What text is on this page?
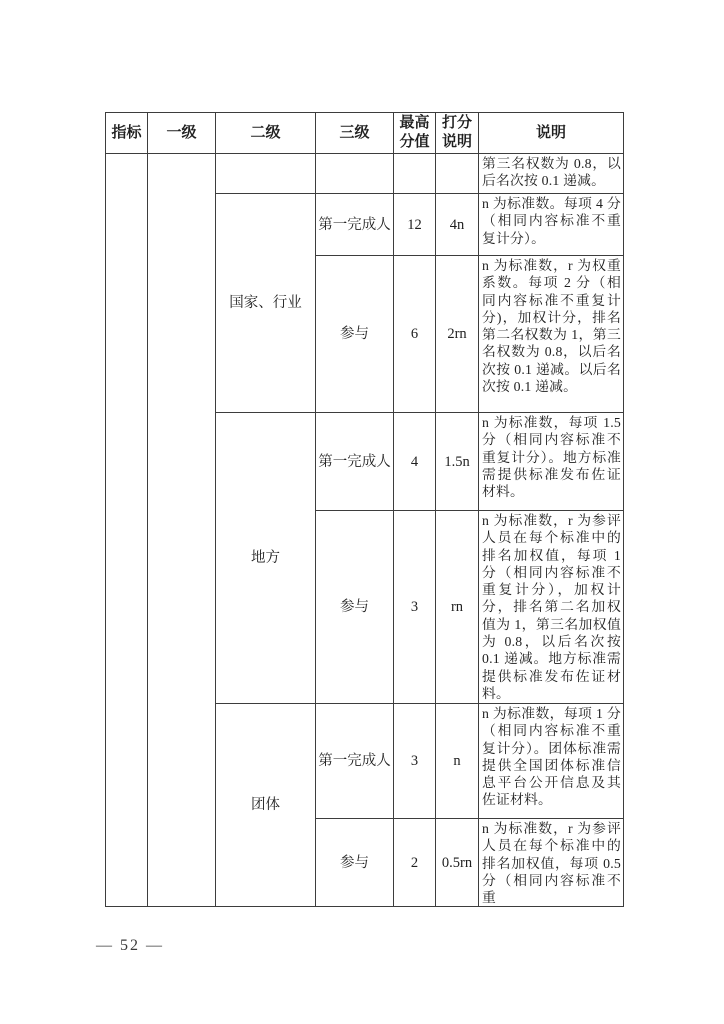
指标	一级	二级	三级	最高分值	打分说明	说明
						第三名权数为 0.8，以后名次按 0.1 递减。
		国家、行业	第一完成人	12	4n	n 为标准数。每项 4 分（相同内容标准不重复计分）。
			参与	6	2rn	n 为标准数，r 为权重系数。每项 2 分（相同内容标准不重复计分)，加权计分，排名第二名权数为 1，第三名权数为 0.8，以后名次按 0.1 递减。以后名次按 0.1 递减。
		地方	第一完成人	4	1.5n	n 为标准数，每项 1.5 分（相同内容标准不重复计分）。地方标准需提供标准发布佐证材料。
			参与	3	rn	n 为标准数，r 为参评人员在每个标准中的排名加权值，每项 1 分（相同内容标准不重复计分），加权计分，排名第二名加权值为 1，第三名加权值为 0.8，以后名次按 0.1 递减。地方标准需提供标准发布佐证材料。
		团体	第一完成人	3	n	n 为标准数，每项 1 分（相同内容标准不重复计分）。团体标准需提供全国团体标准信息平台公开信息及其佐证材料。
			参与	2	0.5rn	n 为标准数，r 为参评人员在每个标准中的排名加权值，每项 0.5 分（相同内容标准不重
— 52 —
